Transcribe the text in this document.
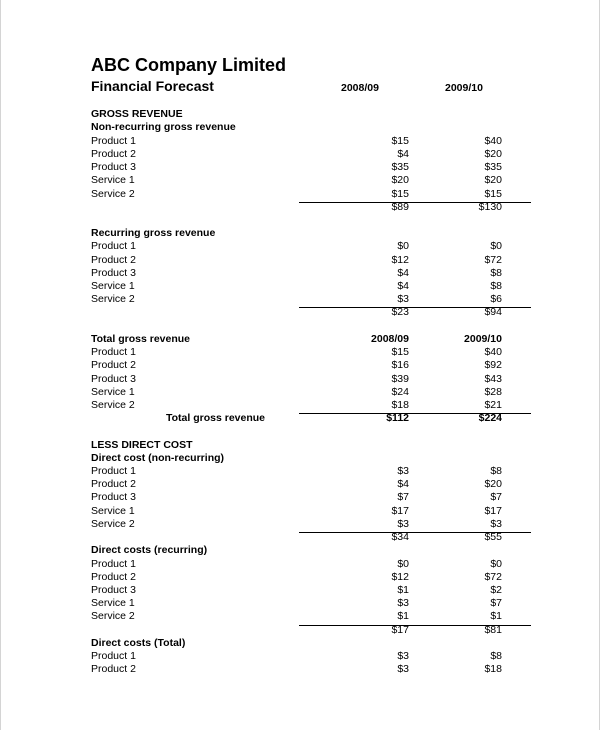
ABC Company Limited
Financial Forecast	2008/09	2009/10
GROSS REVENUE
Non-recurring gross revenue
Product 1	$15	$40
Product 2	$4	$20
Product 3	$35	$35
Service 1	$20	$20
Service 2	$15	$15
$89	$130
Recurring gross revenue
Product 1	$0	$0
Product 2	$12	$72
Product 3	$4	$8
Service 1	$4	$8
Service 2	$3	$6
$23	$94
Total gross revenue	2008/09	2009/10
Product 1	$15	$40
Product 2	$16	$92
Product 3	$39	$43
Service 1	$24	$28
Service 2	$18	$21
Total gross revenue	$112	$224
LESS DIRECT COST
Direct cost (non-recurring)
Product 1	$3	$8
Product 2	$4	$20
Product 3	$7	$7
Service 1	$17	$17
Service 2	$3	$3
$34	$55
Direct costs (recurring)
Product 1	$0	$0
Product 2	$12	$72
Product 3	$1	$2
Service 1	$3	$7
Service 2	$1	$1
$17	$81
Direct costs (Total)
Product 1	$3	$8
Product 2	$3	$18
